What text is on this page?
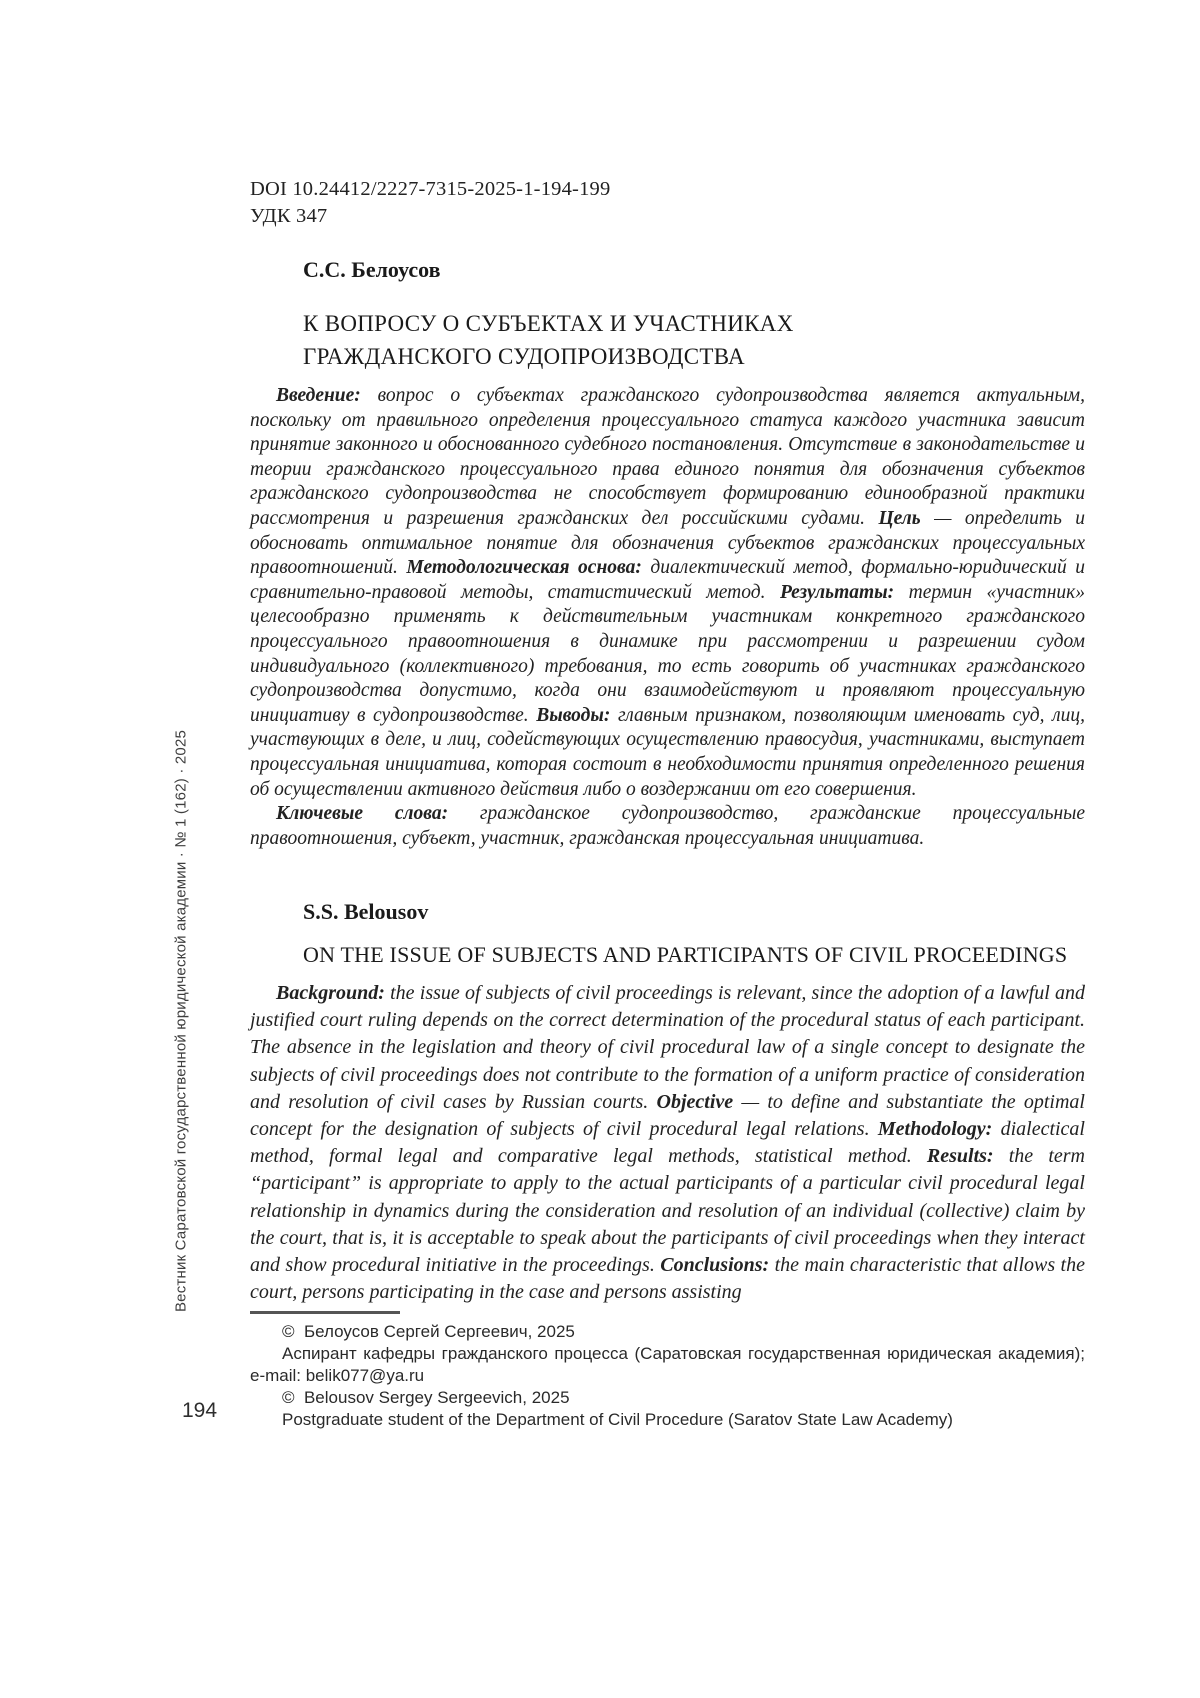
DOI 10.24412/2227-7315-2025-1-194-199
УДК 347
С.С. Белоусов
К ВОПРОСУ О СУБЪЕКТАХ И УЧАСТНИКАХ
ГРАЖДАНСКОГО СУДОПРОИЗВОДСТВА

Введение: вопрос о субъектах гражданского судопроизводства является актуальным, поскольку от правильного определения процессуального статуса каждого участника зависит принятие законного и обоснованного судебного постановления. Отсутствие в законодательстве и теории гражданского процессуального права единого понятия для обозначения субъектов гражданского судопроизводства не способствует формированию единообразной практики рассмотрения и разрешения гражданских дел российскими судами. Цель — определить и обосновать оптимальное понятие для обозначения субъектов гражданских процессуальных правоотношений. Методологическая основа: диалектический метод, формально-юридический и сравнительно-правовой методы, статистический метод. Результаты: термин «участник» целесообразно применять к действительным участникам конкретного гражданского процессуального правоотношения в динамике при рассмотрении и разрешении судом индивидуального (коллективного) требования, то есть говорить об участниках гражданского судопроизводства допустимо, когда они взаимодействуют и проявляют процессуальную инициативу в судопроизводстве. Выводы: главным признаком, позволяющим именовать суд, лиц, участвующих в деле, и лиц, содействующих осуществлению правосудия, участниками, выступает процессуальная инициатива, которая состоит в необходимости принятия определенного решения об осуществлении активного действия либо о воздержании от его совершения.

Ключевые слова: гражданское судопроизводство, гражданские процессуальные правоотношения, субъект, участник, гражданская процессуальная инициатива.

S.S. Belousov
ON THE ISSUE OF SUBJECTS AND PARTICIPANTS OF CIVIL PROCEEDINGS

Background: the issue of subjects of civil proceedings is relevant, since the adoption of a lawful and justified court ruling depends on the correct determination of the procedural status of each participant. The absence in the legislation and theory of civil procedural law of a single concept to designate the subjects of civil proceedings does not contribute to the formation of a uniform practice of consideration and resolution of civil cases by Russian courts. Objective — to define and substantiate the optimal concept for the designation of subjects of civil procedural legal relations. Methodology: dialectical method, formal legal and comparative legal methods, statistical method. Results: the term “participant” is appropriate to apply to the actual participants of a particular civil procedural legal relationship in dynamics during the consideration and resolution of an individual (collective) claim by the court, that is, it is acceptable to speak about the participants of civil proceedings when they interact and show procedural initiative in the proceedings. Conclusions: the main characteristic that allows the court, persons participating in the case and persons assisting

©  Белоусов Сергей Сергеевич, 2025

Аспирант кафедры гражданского процесса (Саратовская государственная юридическая академия);

e-mail: belik077@ya.ru

©  Belousov Sergey Sergeevich, 2025

Postgraduate student of the Department of Civil Procedure (Saratov State Law Academy)

194
Вестник Саратовской государственной юридической академии · № 1 (162) · 2025
